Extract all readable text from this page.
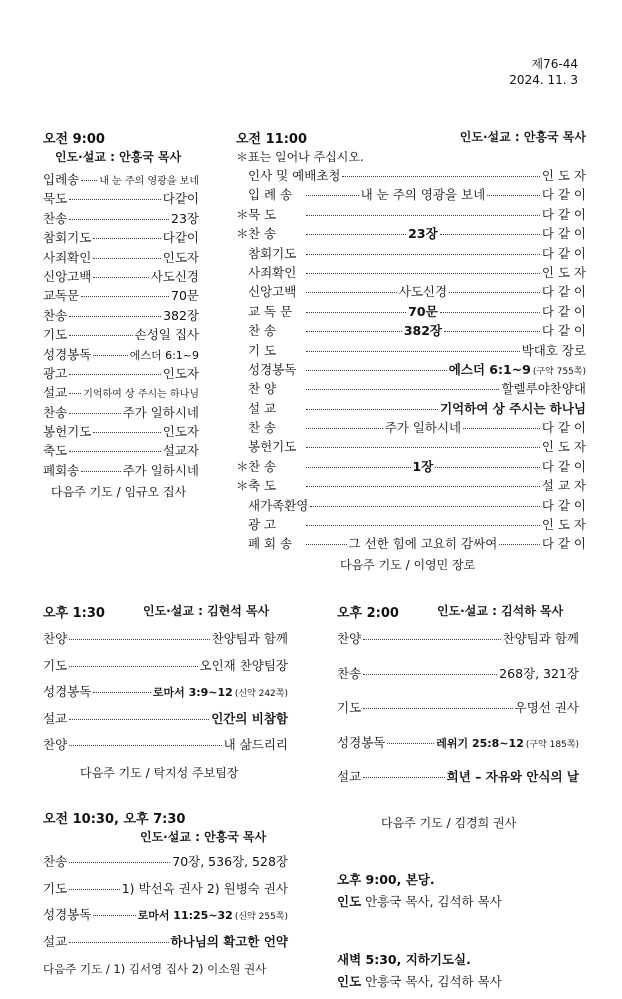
제76-44
2024. 11. 3
오전 9:00
인도·설교 : 안흥국 목사
입례송 내 눈 주의 영광을 보네
묵도	다같이
찬송	23장
참회기도	다같이
사죄확인	인도자
신앙고백	사도신경
교독문	70문
찬송	382장
기도	손성일 집사
성경봉독	에스더 6:1~9
광고	인도자
설교 기억하여 상 주시는 하나님
찬송	주가 일하시네
봉헌기도	인도자
축도	설교자
폐회송	주가 일하시네
다음주 기도 / 임규오 집사
오전 11:00	인도·설교 : 안흥국 목사
＊표는 일어나 주십시오.
인사 및 예배초청	인 도 자
입 례 송	내 눈 주의 영광을 보네	다 같 이
＊ 묵 도	다 같 이
＊ 찬 송	23장	다 같 이
참회기도	다 같 이
사죄확인	인 도 자
신앙고백	사도신경	다 같 이
교 독 문	70문	다 같 이
찬 송	382장	다 같 이
기 도	박대호 장로
성경봉독	에스더 6:1~9 (구약 755쪽)
찬 양	할렐루야찬양대
설 교	기억하여 상 주시는 하나님
찬 송	주가 일하시네	다 같 이
봉헌기도	인 도 자
＊ 찬 송	1장	다 같 이
＊ 축 도	설 교 자
새가족환영	다 같 이
광 고	인 도 자
폐 회 송	그 선한 힘에 고요히 감싸여	다 같 이
다음주 기도 / 이영민 장로
오후 1:30	인도·설교 : 김현석 목사
찬양	찬양팀과 함께
기도	오인재 찬양팀장
성경봉독	로마서 3:9~12 (신약 242쪽)
설교	인간의 비참함
찬양	내 삶드리리
다음주 기도 / 탁지성 주보팀장
오후 2:00	인도·설교 : 김석하 목사
찬양	찬양팀과 함께
찬송	268장, 321장
기도	우명선 권사
성경봉독	레위기 25:8~12 (구약 185쪽)
설교	희년 – 자유와 안식의 날
다음주 기도 / 김경희 권사
오전 10:30, 오후 7:30
인도·설교 : 안흥국 목사
찬송	70장, 536장, 528장
기도	1) 박선옥 권사 2) 원병숙 권사
성경봉독	로마서 11:25~32 (신약 255쪽)
설교	하나님의 확고한 언약
다음주 기도 / 1) 김서영 집사 2) 이소원 권사
오후 9:00, 본당.
인도 안흥국 목사, 김석하 목사
새벽 5:30, 지하기도실.
인도 안흥국 목사, 김석하 목사
